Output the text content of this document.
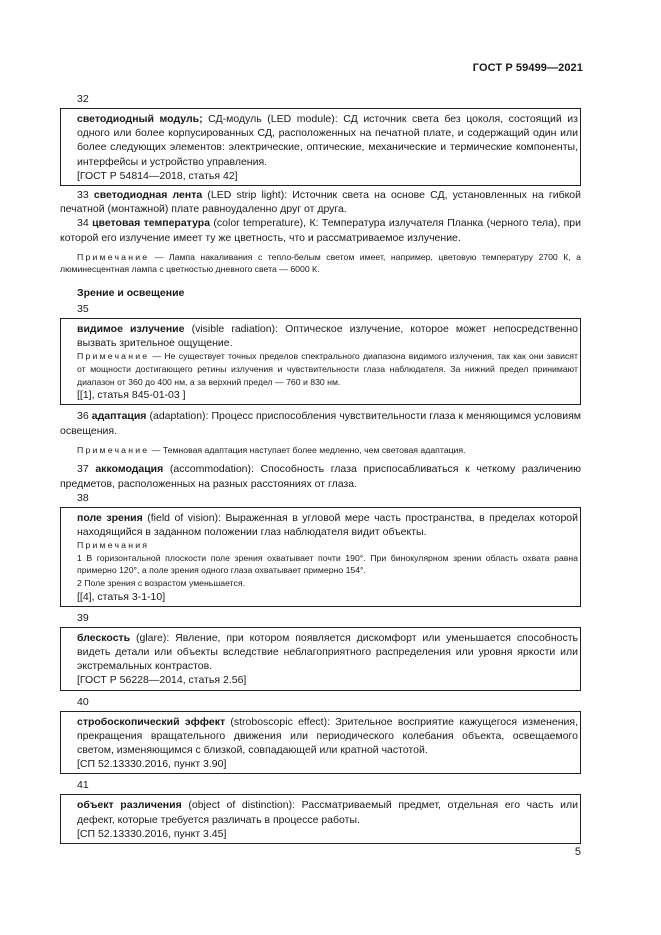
ГОСТ Р 59499—2021
32

светодиодный модуль; СД-модуль (LED module): СД источник света без цоколя, состоящий из одного или более корпусированных СД, расположенных на печатной плате, и содержащий один или более следующих элементов: электрические, оптические, механические и термические компоненты, интерфейсы и устройство управления.

[ГОСТ Р 54814—2018, статья 42]

33 светодиодная лента (LED strip light): Источник света на основе СД, установленных на гибкой печатной (монтажной) плате равноудаленно друг от друга.

34 цветовая температура (color temperature), К: Температура излучателя Планка (черного тела), при которой его излучение имеет ту же цветность, что и рассматриваемое излучение.

Примечание — Лампа накаливания с тепло-белым светом имеет, например, цветовую температуру 2700 К, а люминесцентная лампа с цветностью дневного света — 6000 К.

Зрение и освещение
35

видимое излучение (visible radiation): Оптическое излучение, которое может непосредственно вызвать зрительное ощущение.

Примечание — Не существует точных пределов спектрального диапазона видимого излучения, так как они зависят от мощности достигающего ретины излучения и чувствительности глаза наблюдателя. За нижний предел принимают диапазон от 360 до 400 нм, а за верхний предел — 760 и 830 нм.

[[1], статья 845-01-03 ]

36 адаптация (adaptation): Процесс приспособления чувствительности глаза к меняющимся условиям освещения.

Примечание — Темновая адаптация наступает более медленно, чем световая адаптация.

37 аккомодация (accommodation): Способность глаза приспосабливаться к четкому различению предметов, расположенных на разных расстояниях от глаза.

38

поле зрения (field of vision): Выраженная в угловой мере часть пространства, в пределах которой находящийся в заданном положении глаз наблюдателя видит объекты.

Примечания

1 В горизонтальной плоскости поле зрения охватывает почти 190°. При бинокулярном зрении область охвата равна примерно 120°, а поле зрения одного глаза охватывает примерно 154°.

2 Поле зрения с возрастом уменьшается.

[[4], статья 3-1-10]

39

блескость (glare): Явление, при котором появляется дискомфорт или уменьшается способность видеть детали или объекты вследствие неблагоприятного распределения или уровня яркости или экстремальных контрастов.

[ГОСТ Р 56228—2014, статья 2.56]

40

стробоскопический эффект (stroboscopic effect): Зрительное восприятие кажущегося изменения, прекращения вращательного движения или периодического колебания объекта, освещаемого светом, изменяющимся с близкой, совпадающей или кратной частотой.

[СП 52.13330.2016, пункт 3.90]

41

объект различения (object of distinction): Рассматриваемый предмет, отдельная его часть или дефект, которые требуется различать в процессе работы.

[СП 52.13330.2016, пункт 3.45]

5
